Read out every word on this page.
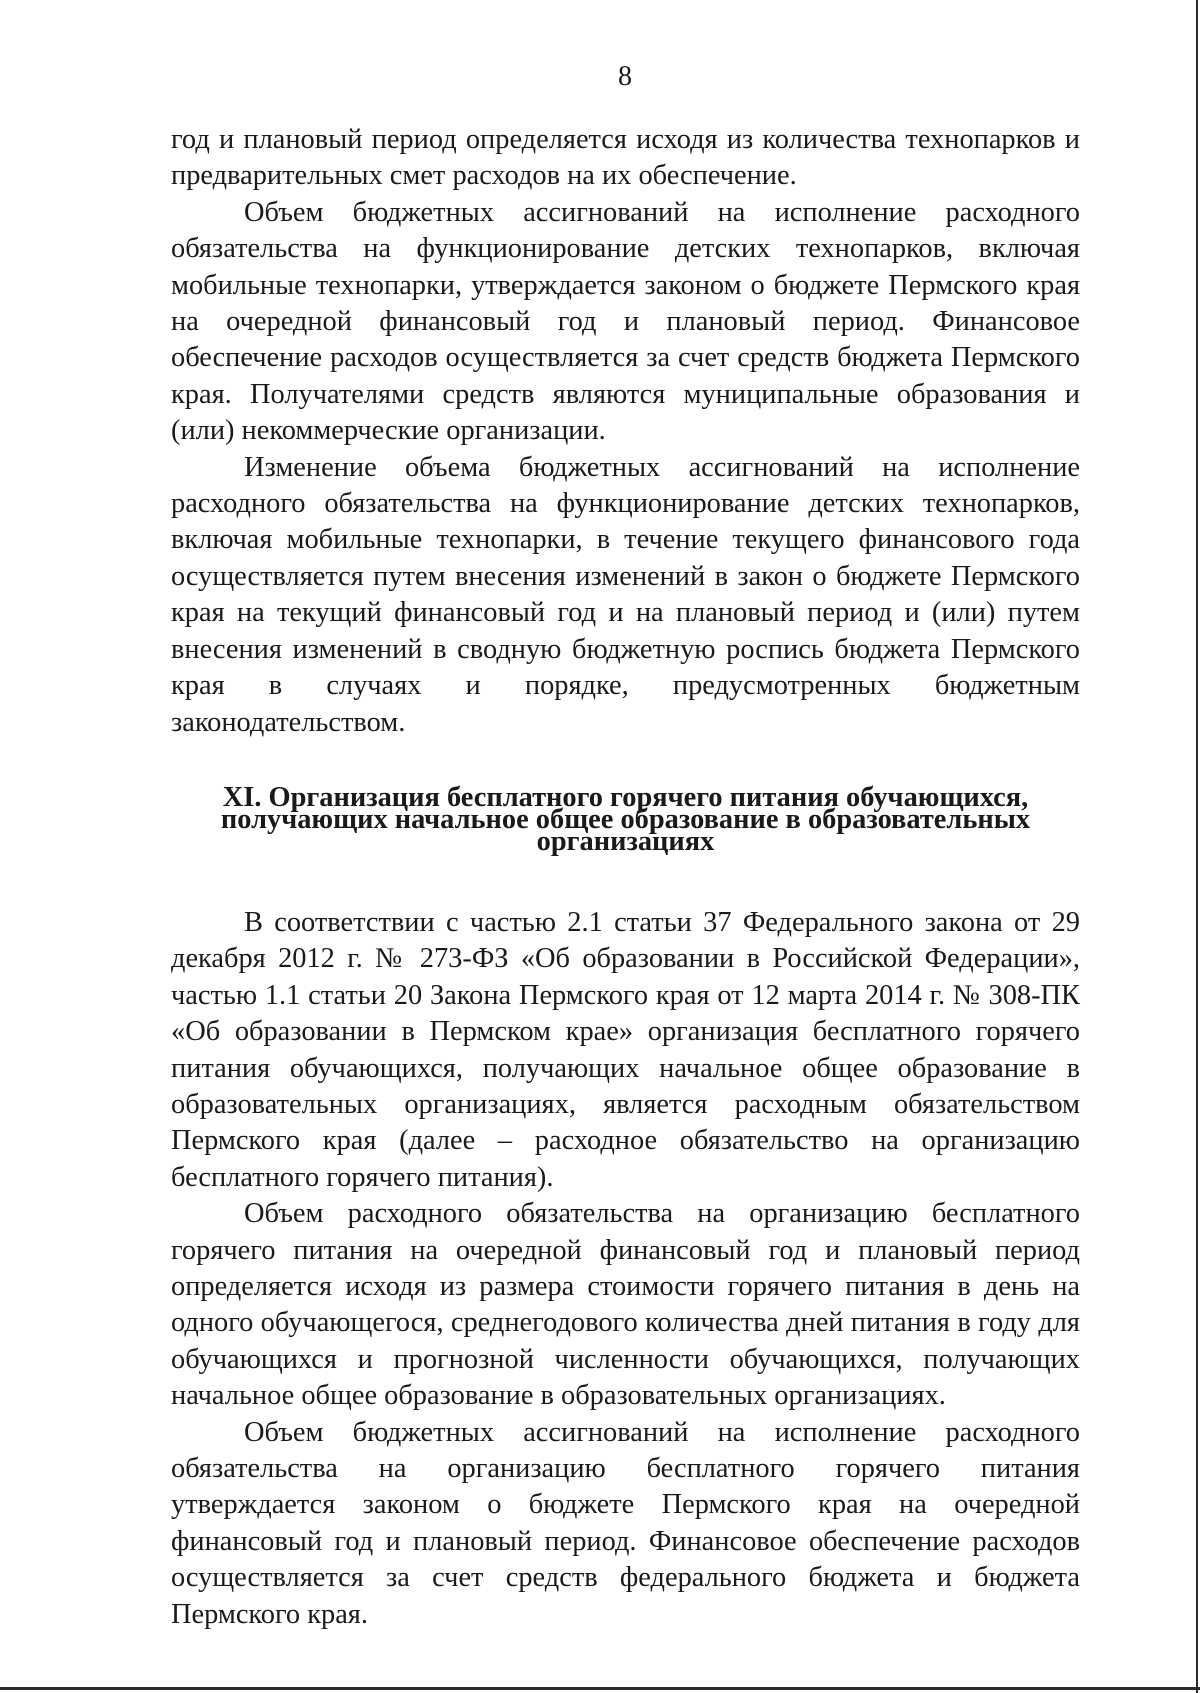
8

год и плановый период определяется исходя из количества технопарков и предварительных смет расходов на их обеспечение.

Объем бюджетных ассигнований на исполнение расходного обязательства на функционирование детских технопарков, включая мобильные технопарки, утверждается законом о бюджете Пермского края на очередной финансовый год и плановый период. Финансовое обеспечение расходов осуществляется за счет средств бюджета Пермского края. Получателями средств являются муниципальные образования и (или) некоммерческие организации.

Изменение объема бюджетных ассигнований на исполнение расходного обязательства на функционирование детских технопарков, включая мобильные технопарки, в течение текущего финансового года осуществляется путем внесения изменений в закон о бюджете Пермского края на текущий финансовый год и на плановый период и (или) путем внесения изменений в сводную бюджетную роспись бюджета Пермского края в случаях и порядке, предусмотренных бюджетным законодательством.

XI. Организация бесплатного горячего питания обучающихся,
получающих начальное общее образование в образовательных
организациях

В соответствии с частью 2.1 статьи 37 Федерального закона от 29 декабря 2012 г. № 273-ФЗ «Об образовании в Российской Федерации», частью 1.1 статьи 20 Закона Пермского края от 12 марта 2014 г. № 308-ПК «Об образовании в Пермском крае» организация бесплатного горячего питания обучающихся, получающих начальное общее образование в образовательных организациях, является расходным обязательством Пермского края (далее – расходное обязательство на организацию бесплатного горячего питания).

Объем расходного обязательства на организацию бесплатного горячего питания на очередной финансовый год и плановый период определяется исходя из размера стоимости горячего питания в день на одного обучающегося, среднегодового количества дней питания в году для обучающихся и прогнозной численности обучающихся, получающих начальное общее образование в образовательных организациях.

Объем бюджетных ассигнований на исполнение расходного обязательства на организацию бесплатного горячего питания утверждается законом о бюджете Пермского края на очередной финансовый год и плановый период. Финансовое обеспечение расходов осуществляется за счет средств федерального бюджета и бюджета Пермского края.
